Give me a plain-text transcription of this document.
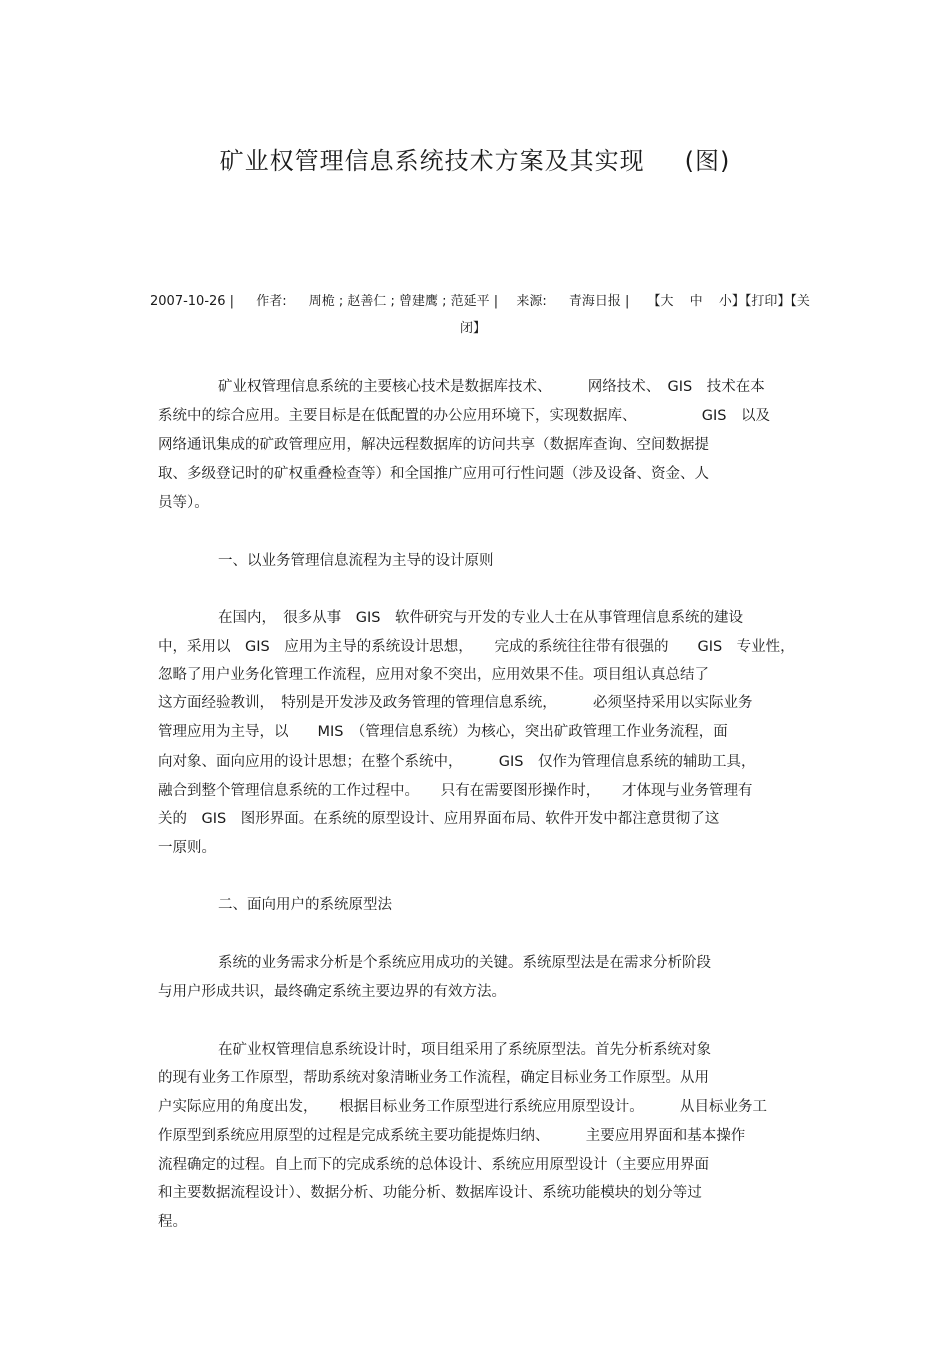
矿业权管理信息系统技术方案及其实现 (图)
2007-10-26 | 作者: 周桅 ; 赵善仁 ; 曾建鹰 ; 范延平 | 来源: 青海日报 | 【大 中 小】【打印】【关
闭】
矿业权管理信息系统的主要核心技术是数据库技术、　　　网络技术、　GIS　技术在本
系统中的综合应用。主要目标是在低配置的办公应用环境下，实现数据库、　　　　　GIS　以及
网络通讯集成的矿政管理应用，解决远程数据库的访问共享（数据库查询、空间数据提
取、多级登记时的矿权重叠检查等）和全国推广应用可行性问题（涉及设备、资金、人
员等）。
一、以业务管理信息流程为主导的设计原则
在国内，　很多从事　GIS　软件研究与开发的专业人士在从事管理信息系统的建设
中，采用以　GIS　应用为主导的系统设计思想，　　完成的系统往往带有很强的　　GIS　专业性，
忽略了用户业务化管理工作流程，应用对象不突出，应用效果不佳。项目组认真总结了
这方面经验教训，　特别是开发涉及政务管理的管理信息系统，　　　必须坚持采用以实际业务
管理应用为主导，以　　MIS　（管理信息系统）为核心，突出矿政管理工作业务流程，面
向对象、面向应用的设计思想；在整个系统中，　　　GIS　仅作为管理信息系统的辅助工具，
融合到整个管理信息系统的工作过程中。　　只有在需要图形操作时，　　才体现与业务管理有
关的　GIS　图形界面。在系统的原型设计、应用界面布局、软件开发中都注意贯彻了这
一原则。
二、面向用户的系统原型法
系统的业务需求分析是个系统应用成功的关键。系统原型法是在需求分析阶段
与用户形成共识，最终确定系统主要边界的有效方法。
在矿业权管理信息系统设计时，项目组采用了系统原型法。首先分析系统对象
的现有业务工作原型，帮助系统对象清晰业务工作流程，确定目标业务工作原型。从用
户实际应用的角度出发，　　根据目标业务工作原型进行系统应用原型设计。　　　从目标业务工
作原型到系统应用原型的过程是完成系统主要功能提炼归纳、　　　主要应用界面和基本操作
流程确定的过程。自上而下的完成系统的总体设计、系统应用原型设计（主要应用界面
和主要数据流程设计）、数据分析、功能分析、数据库设计、系统功能模块的划分等过
程。
